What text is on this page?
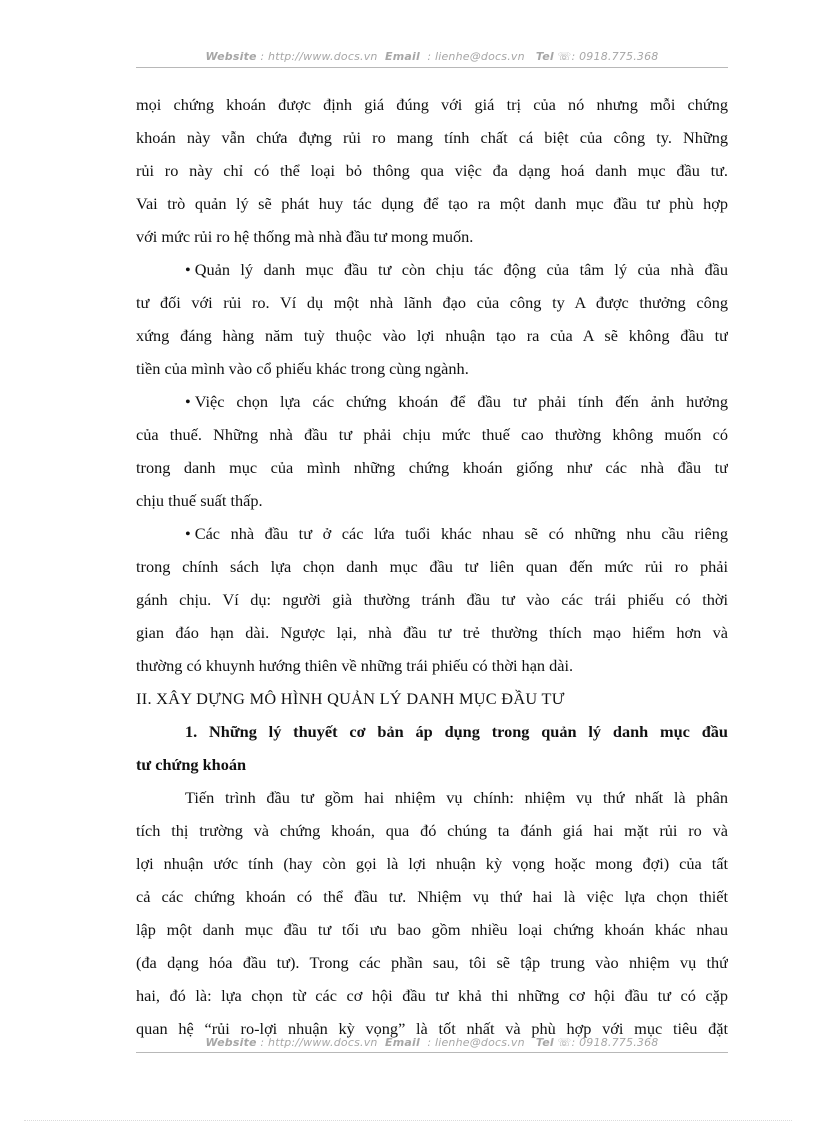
Website : http://www.docs.vn Email : lienhe@docs.vn Tel ☏: 0918.775.368
mọi chứng khoán được định giá đúng với giá trị của nó nhưng mỗi chứng
khoán này vẫn chứa đựng rủi ro mang tính chất cá biệt của công ty. Những
rủi ro này chỉ có thể loại bỏ thông qua việc đa dạng hoá danh mục đầu tư.
Vai trò quản lý sẽ phát huy tác dụng để tạo ra một danh mục đầu tư phù hợp
với mức rủi ro hệ thống mà nhà đầu tư mong muốn.
• Quản lý danh mục đầu tư còn chịu tác động của tâm lý của nhà đầu
tư đối với rủi ro. Ví dụ một nhà lãnh đạo của công ty A được thưởng công
xứng đáng hàng năm tuỳ thuộc vào lợi nhuận tạo ra của A sẽ không đầu tư
tiền của mình vào cổ phiếu khác trong cùng ngành.
• Việc chọn lựa các chứng khoán để đầu tư phải tính đến ảnh hưởng
của thuế. Những nhà đầu tư phải chịu mức thuế cao thường không muốn có
trong danh mục của mình những chứng khoán giống như các nhà đầu tư
chịu thuế suất thấp.
• Các nhà đầu tư ở các lứa tuổi khác nhau sẽ có những nhu cầu riêng
trong chính sách lựa chọn danh mục đầu tư liên quan đến mức rủi ro phải
gánh chịu. Ví dụ: người già thường tránh đầu tư vào các trái phiếu có thời
gian đáo hạn dài. Ngược lại, nhà đầu tư trẻ thường thích mạo hiểm hơn và
thường có khuynh hướng thiên về những trái phiếu có thời hạn dài.
II. XÂY DỰNG MÔ HÌNH QUẢN LÝ DANH MỤC ĐẦU TƯ
1. Những lý thuyết cơ bản áp dụng trong quản lý danh mục đầu
tư chứng khoán
Tiến trình đầu tư gồm hai nhiệm vụ chính: nhiệm vụ thứ nhất là phân
tích thị trường và chứng khoán, qua đó chúng ta đánh giá hai mặt rủi ro và
lợi nhuận ước tính (hay còn gọi là lợi nhuận kỳ vọng hoặc mong đợi) của tất
cả các chứng khoán có thể đầu tư. Nhiệm vụ thứ hai là việc lựa chọn thiết
lập một danh mục đầu tư tối ưu bao gồm nhiều loại chứng khoán khác nhau
(đa dạng hóa đầu tư). Trong các phần sau, tôi sẽ tập trung vào nhiệm vụ thứ
hai, đó là: lựa chọn từ các cơ hội đầu tư khả thi những cơ hội đầu tư có cặp
quan hệ “rủi ro-lợi nhuận kỳ vọng” là tốt nhất và phù hợp với mục tiêu đặt
Website : http://www.docs.vn Email : lienhe@docs.vn Tel ☏: 0918.775.368
